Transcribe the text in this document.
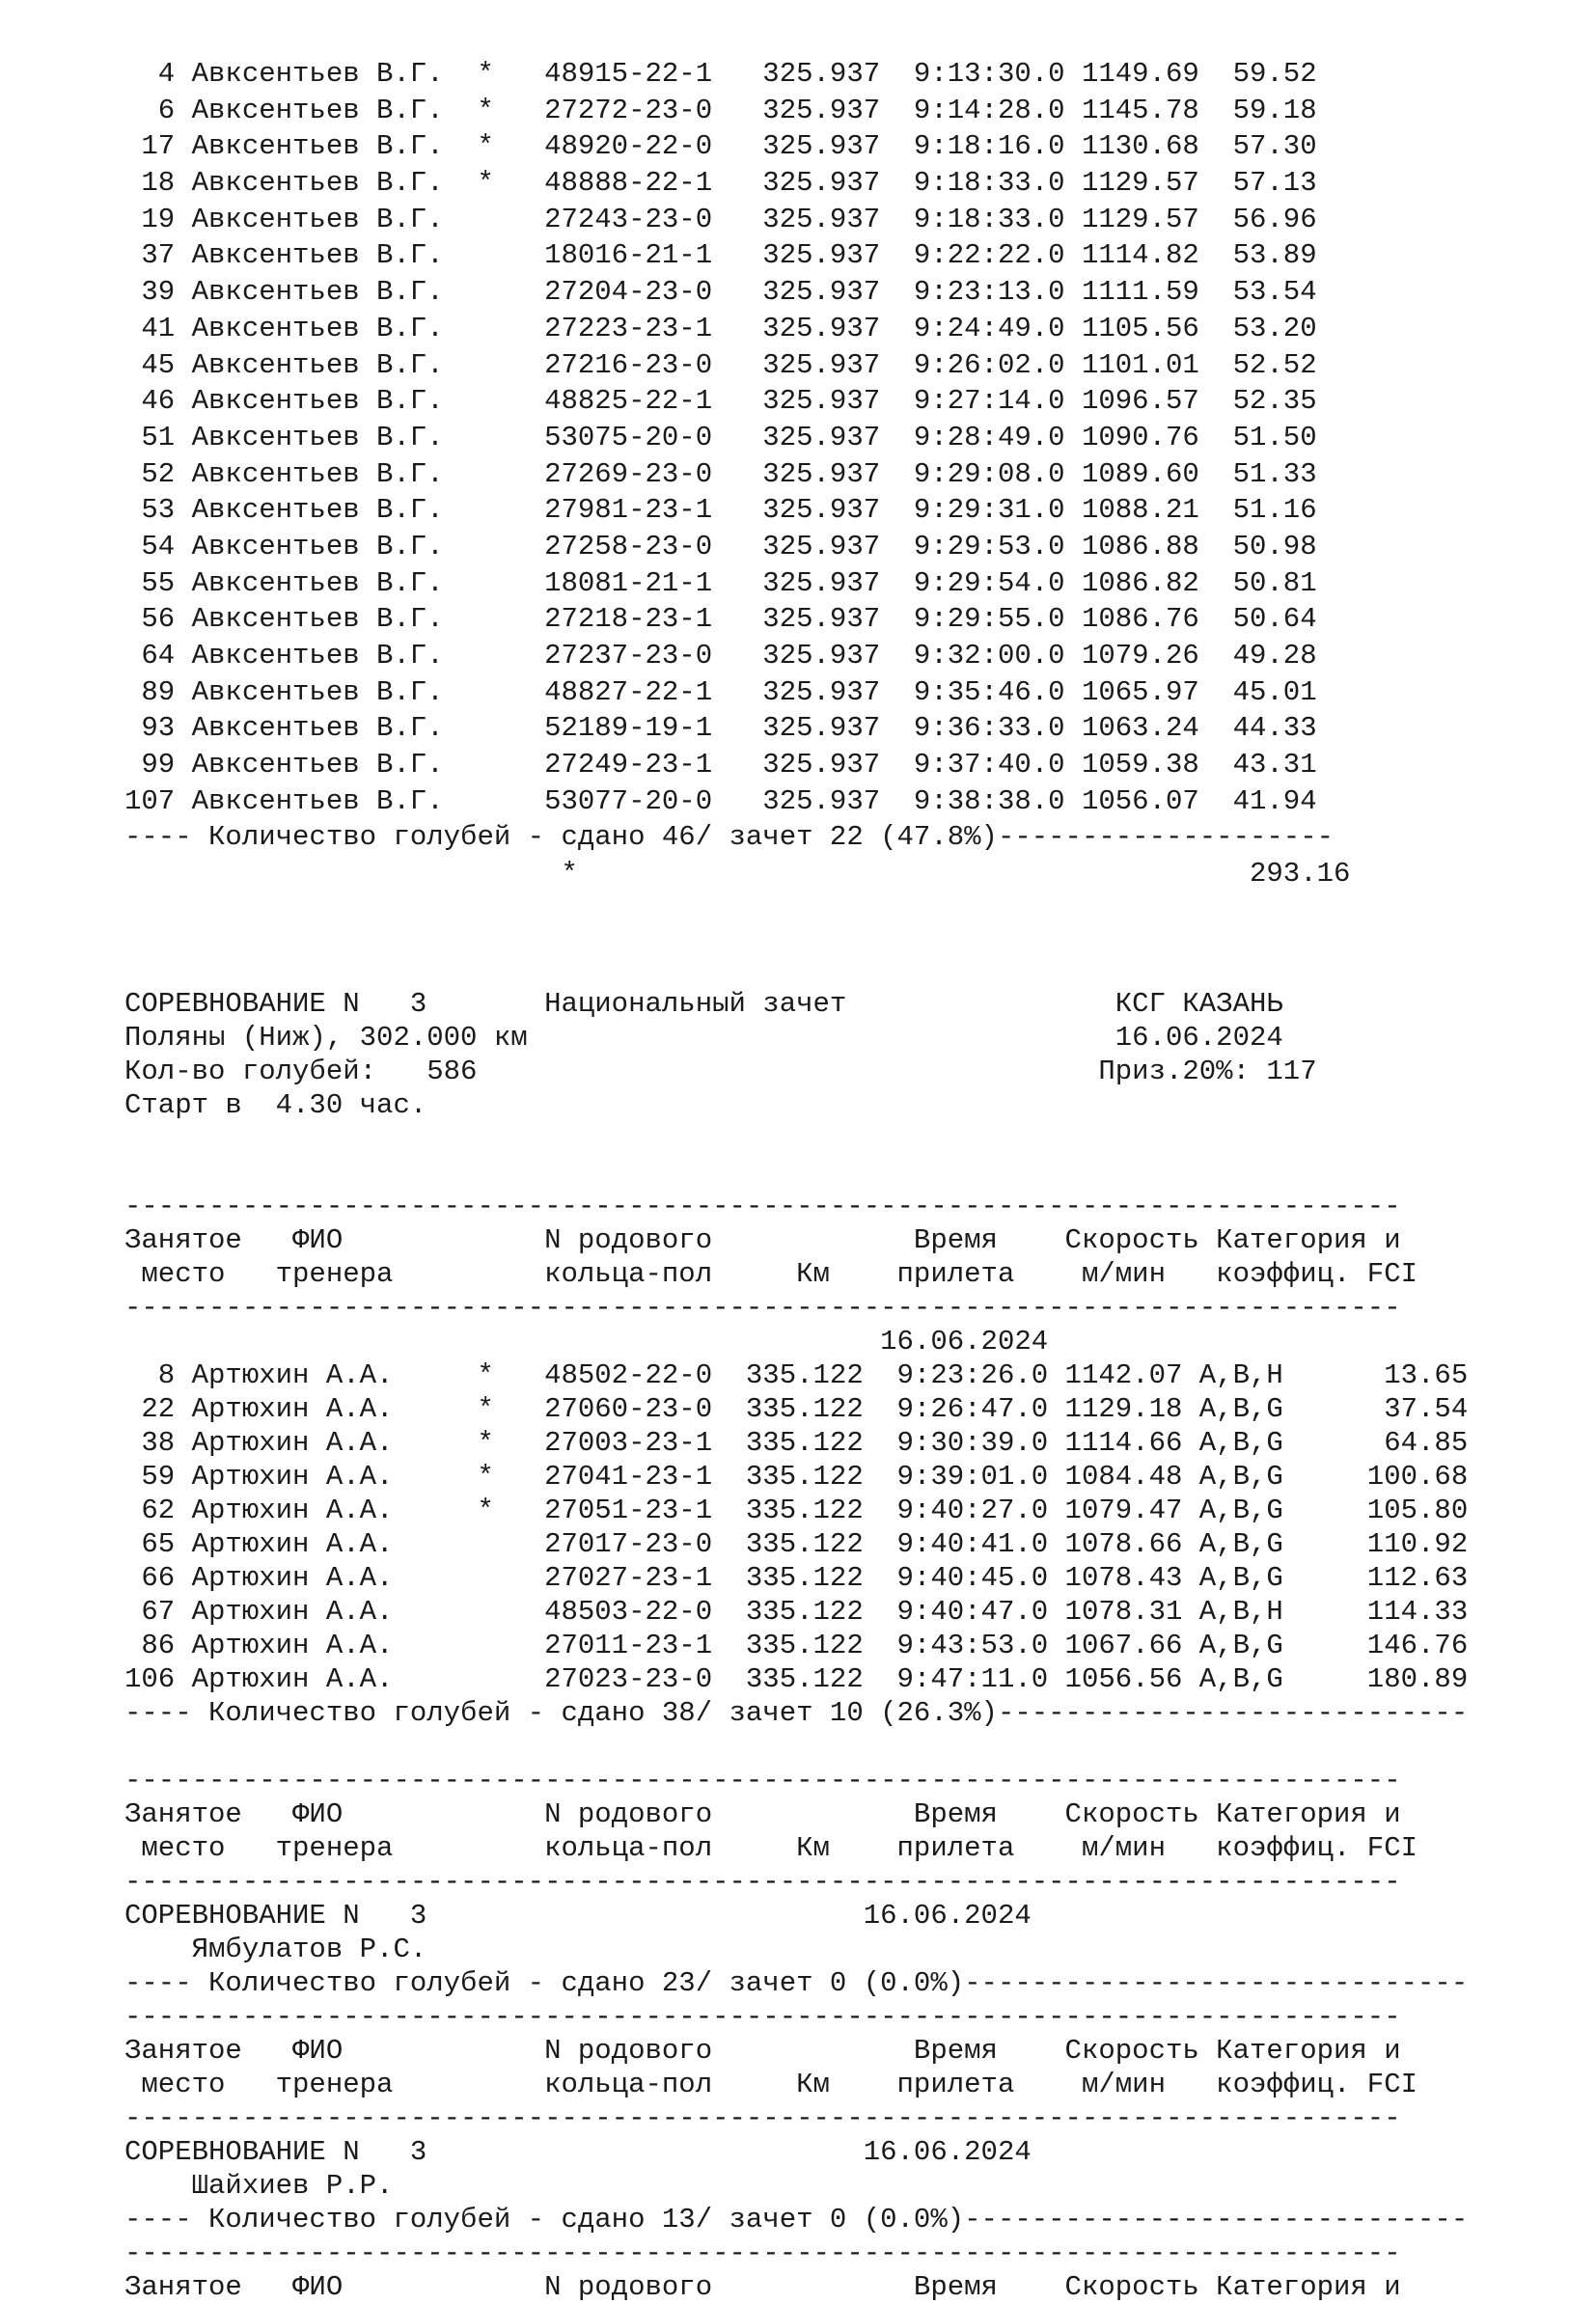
4 Авксентьев В.Г.  *   48915-22-1   325.937  9:13:30.0 1149.69  59.52
6 Авксентьев В.Г.  *   27272-23-0   325.937  9:14:28.0 1145.78  59.18
17 Авксентьев В.Г.  *   48920-22-0   325.937  9:18:16.0 1130.68  57.30
18 Авксентьев В.Г.  *   48888-22-1   325.937  9:18:33.0 1129.57  57.13
19 Авксентьев В.Г.      27243-23-0   325.937  9:18:33.0 1129.57  56.96
37 Авксентьев В.Г.      18016-21-1   325.937  9:22:22.0 1114.82  53.89
39 Авксентьев В.Г.      27204-23-0   325.937  9:23:13.0 1111.59  53.54
41 Авксентьев В.Г.      27223-23-1   325.937  9:24:49.0 1105.56  53.20
45 Авксентьев В.Г.      27216-23-0   325.937  9:26:02.0 1101.01  52.52
46 Авксентьев В.Г.      48825-22-1   325.937  9:27:14.0 1096.57  52.35
51 Авксентьев В.Г.      53075-20-0   325.937  9:28:49.0 1090.76  51.50
52 Авксентьев В.Г.      27269-23-0   325.937  9:29:08.0 1089.60  51.33
53 Авксентьев В.Г.      27981-23-1   325.937  9:29:31.0 1088.21  51.16
54 Авксентьев В.Г.      27258-23-0   325.937  9:29:53.0 1086.88  50.98
55 Авксентьев В.Г.      18081-21-1   325.937  9:29:54.0 1086.82  50.81
56 Авксентьев В.Г.      27218-23-1   325.937  9:29:55.0 1086.76  50.64
64 Авксентьев В.Г.      27237-23-0   325.937  9:32:00.0 1079.26  49.28
89 Авксентьев В.Г.      48827-22-1   325.937  9:35:46.0 1065.97  45.01
93 Авксентьев В.Г.      52189-19-1   325.937  9:36:33.0 1063.24  44.33
99 Авксентьев В.Г.      27249-23-1   325.937  9:37:40.0 1059.38  43.31
107 Авксентьев В.Г.      53077-20-0   325.937  9:38:38.0 1056.07  41.94
---- Количество голубей - сдано 46/ зачет 22 (47.8%)--------------------
*                                        293.16
СОРЕВНОВАНИЕ N   3       Национальный зачет                КСГ КАЗАНЬ
Поляны (Ниж), 302.000 км                                   16.06.2024
Кол-во голубей:   586                                     Приз.20%: 117
Старт в  4.30 час.
----------------------------------------------------------------------------
Занятое   ФИО            N родового            Время    Скорость Категория и
место   тренера         кольца-пол     Км    прилета    м/мин   коэффиц. FCI
----------------------------------------------------------------------------
16.06.2024
8 Артюхин А.А.     *   48502-22-0  335.122  9:23:26.0 1142.07 A,B,H      13.65
22 Артюхин А.А.     *   27060-23-0  335.122  9:26:47.0 1129.18 A,B,G      37.54
38 Артюхин А.А.     *   27003-23-1  335.122  9:30:39.0 1114.66 A,B,G      64.85
59 Артюхин А.А.     *   27041-23-1  335.122  9:39:01.0 1084.48 A,B,G     100.68
62 Артюхин А.А.     *   27051-23-1  335.122  9:40:27.0 1079.47 A,B,G     105.80
65 Артюхин А.А.         27017-23-0  335.122  9:40:41.0 1078.66 A,B,G     110.92
66 Артюхин А.А.         27027-23-1  335.122  9:40:45.0 1078.43 A,B,G     112.63
67 Артюхин А.А.         48503-22-0  335.122  9:40:47.0 1078.31 A,B,H     114.33
86 Артюхин А.А.         27011-23-1  335.122  9:43:53.0 1067.66 A,B,G     146.76
106 Артюхин А.А.         27023-23-0  335.122  9:47:11.0 1056.56 A,B,G     180.89
---- Количество голубей - сдано 38/ зачет 10 (26.3%)----------------------------
----------------------------------------------------------------------------
Занятое   ФИО            N родового            Время    Скорость Категория и
место   тренера         кольца-пол     Км    прилета    м/мин   коэффиц. FCI
----------------------------------------------------------------------------
СОРЕВНОВАНИЕ N   3                          16.06.2024
Ямбулатов Р.С.
---- Количество голубей - сдано 23/ зачет 0 (0.0%)------------------------------
----------------------------------------------------------------------------
Занятое   ФИО            N родового            Время    Скорость Категория и
место   тренера         кольца-пол     Км    прилета    м/мин   коэффиц. FCI
----------------------------------------------------------------------------
СОРЕВНОВАНИЕ N   3                          16.06.2024
Шайхиев Р.Р.
---- Количество голубей - сдано 13/ зачет 0 (0.0%)------------------------------
----------------------------------------------------------------------------
Занятое   ФИО            N родового            Время    Скорость Категория и
